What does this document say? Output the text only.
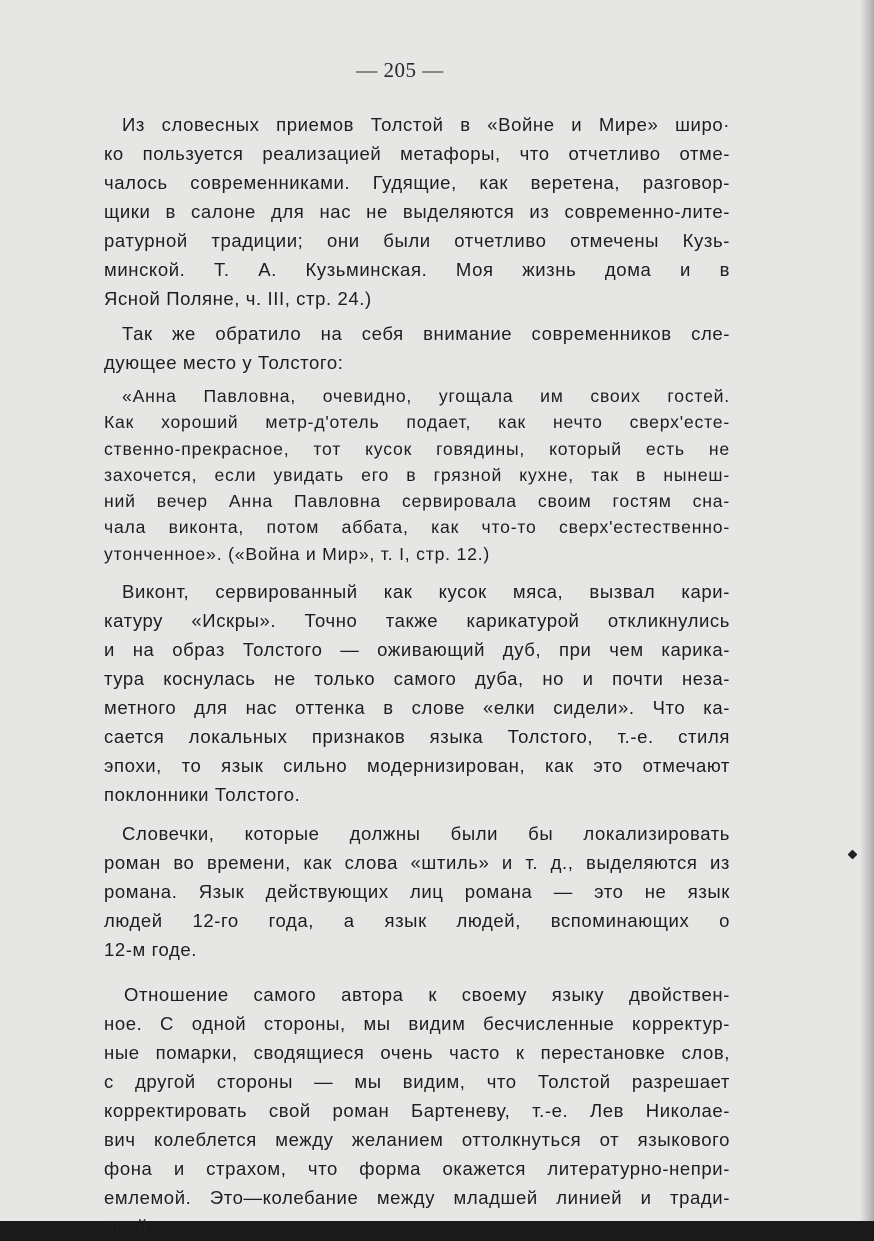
— 205 —
Из словесных приемов Толстой в «Войне и Мире» широ·
ко пользуется реализацией метафоры, что отчетливо отме-
чалось современниками. Гудящие, как веретена, разговор-
щики в салоне для нас не выделяются из современно-лите-
ратурной традиции; они были отчетливо отмечены Кузь-
минской. Т. А. Кузьминская. Моя жизнь дома и в
Ясной Поляне, ч. III, стр. 24.)
Так же обратило на себя внимание современников сле-
дующее место у Толстого:
«Анна Павловна, очевидно, угощала им своих гостей.
Как хороший метр-д'отель подает, как нечто сверх'есте-
ственно-прекрасное, тот кусок говядины, который есть не
захочется, если увидать его в грязной кухне, так в нынеш-
ний вечер Анна Павловна сервировала своим гостям сна-
чала виконта, потом аббата, как что-то сверх'естественно-
утонченное». («Война и Мир», т. I, стр. 12.)
Виконт, сервированный как кусок мяса, вызвал кари-
катуру «Искры». Точно также карикатурой откликнулись
и на образ Толстого — оживающий дуб, при чем карика-
тура коснулась не только самого дуба, но и почти неза-
метного для нас оттенка в слове «елки сидели». Что ка-
сается локальных признаков языка Толстого, т.-е. стиля
эпохи, то язык сильно модернизирован, как это отмечают
поклонники Толстого.
Словечки, которые должны были бы локализировать
роман во времени, как слова «штиль» и т. д., выделяются из
романа. Язык действующих лиц романа — это не язык
людей 12-го года, а язык людей, вспоминающих о
12-м годе.
Отношение самого автора к своему языку двойствен-
ное. С одной стороны, мы видим бесчисленные корректур-
ные помарки, сводящиеся очень часто к перестановке слов,
с другой стороны — мы видим, что Толстой разрешает
корректировать свой роман Бартеневу, т.-е. Лев Николае-
вич колеблется между желанием оттолкнуться от языкового
фона и страхом, что форма окажется литературно-непри-
емлемой. Это—колебание между младшей линией и тради-
цией.
